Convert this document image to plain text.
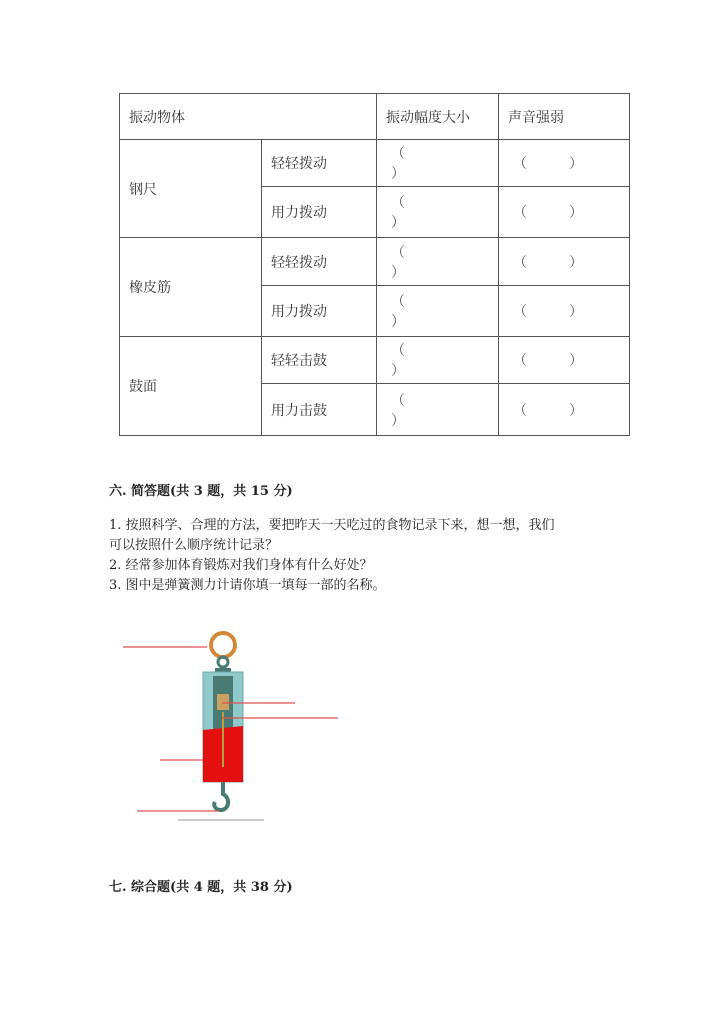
振动物体		振动幅度大小	声音强弱
钢尺	轻轻拨动	（）	（ ）
	用力拨动	（）	（ ）
橡皮筋	轻轻拨动	（）	（ ）
	用力拨动	（）	（ ）
鼓面	轻轻击鼓	（）	（ ）
	用力击鼓	（）	（ ）
六. 简答题(共 3 题，共 15 分)
1. 按照科学、合理的方法，要把昨天一天吃过的食物记录下来，想一想，我们
可以按照什么顺序统计记录？
2. 经常参加体育锻炼对我们身体有什么好处？
3. 图中是弹簧测力计请你填一填每一部的名称。
七. 综合题(共 4 题，共 38 分)
